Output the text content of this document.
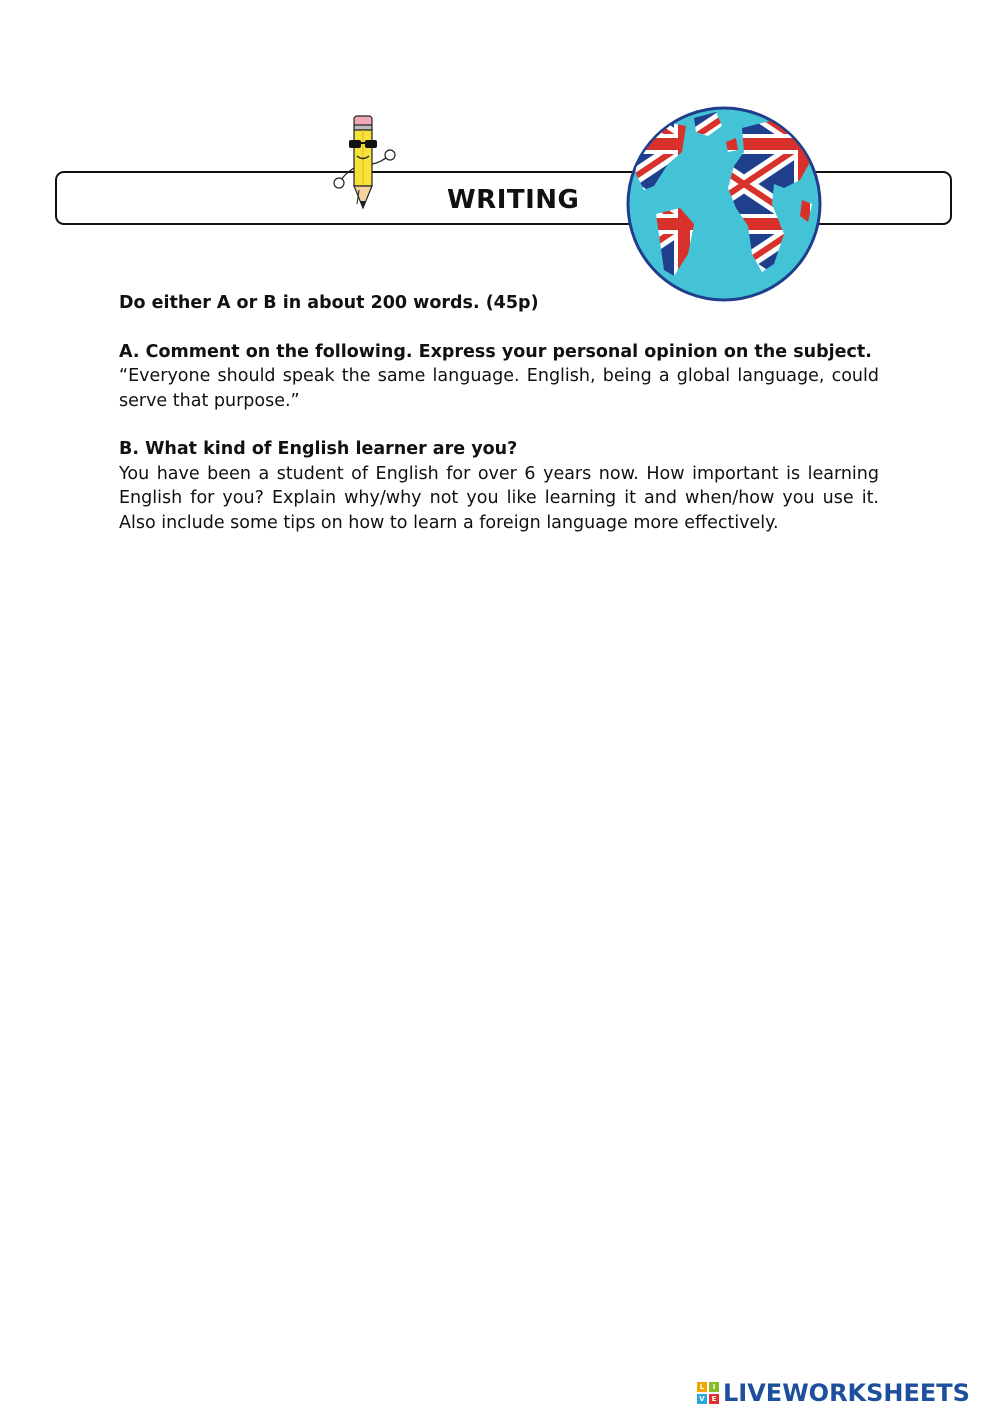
WRITING

Do either A or B in about 200 words. (45p)

A. Comment on the following. Express your personal opinion on the subject.

“Everyone should speak the same language. English, being a global language, could serve that purpose.”

B. What kind of English learner are you?

You have been a student of English for over 6 years now. How important is learning English for you? Explain why/why not you like learning it and when/how you use it. Also include some tips on how to learn a foreign language more effectively.

L	I
V E LIVEWORKSHEETS
